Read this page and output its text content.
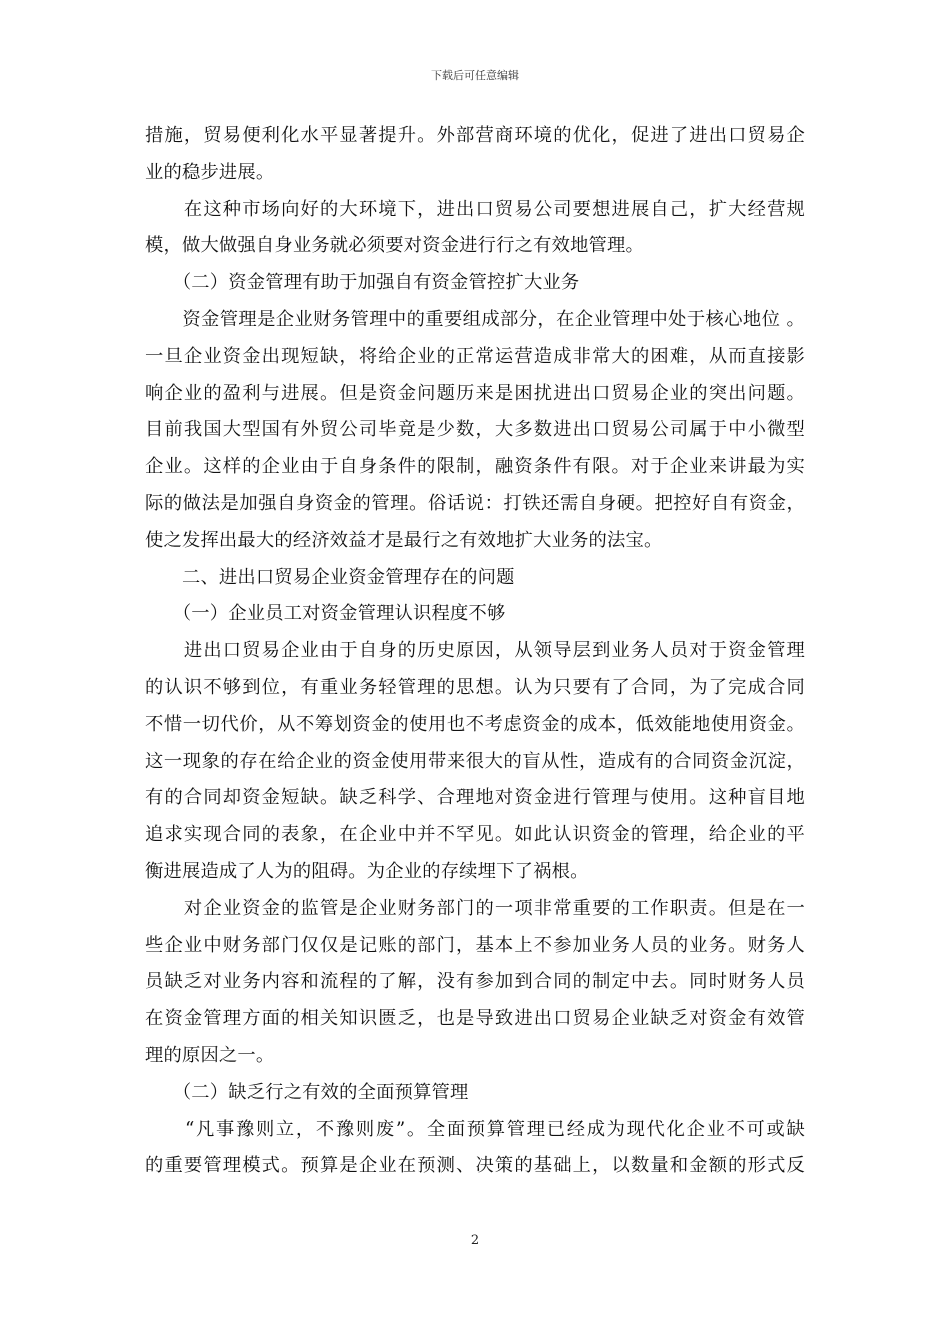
下载后可任意编辑
措施，贸易便利化水平显著提升。外部营商环境的优化，促进了进出口贸易企
业的稳步进展。
　　在这种市场向好的大环境下，进出口贸易公司要想进展自己，扩大经营规
模，做大做强自身业务就必须要对资金进行行之有效地管理。
　　（二）资金管理有助于加强自有资金管控扩大业务
　　资金管理是企业财务管理中的重要组成部分，在企业管理中处于核心地位 。
一旦企业资金出现短缺，将给企业的正常运营造成非常大的困难，从而直接影
响企业的盈利与进展。但是资金问题历来是困扰进出口贸易企业的突出问题。
目前我国大型国有外贸公司毕竟是少数，大多数进出口贸易公司属于中小微型
企业。这样的企业由于自身条件的限制，融资条件有限。对于企业来讲最为实
际的做法是加强自身资金的管理。俗话说：打铁还需自身硬。把控好自有资金，
使之发挥出最大的经济效益才是最行之有效地扩大业务的法宝。
　　二、进出口贸易企业资金管理存在的问题
　　（一）企业员工对资金管理认识程度不够
　　进出口贸易企业由于自身的历史原因，从领导层到业务人员对于资金管理
的认识不够到位，有重业务轻管理的思想。认为只要有了合同，为了完成合同
不惜一切代价，从不筹划资金的使用也不考虑资金的成本，低效能地使用资金。
这一现象的存在给企业的资金使用带来很大的盲从性，造成有的合同资金沉淀，
有的合同却资金短缺。缺乏科学、合理地对资金进行管理与使用。这种盲目地
追求实现合同的表象，在企业中并不罕见。如此认识资金的管理，给企业的平
衡进展造成了人为的阻碍。为企业的存续埋下了祸根。
　　对企业资金的监管是企业财务部门的一项非常重要的工作职责。但是在一
些企业中财务部门仅仅是记账的部门，基本上不参加业务人员的业务。财务人
员缺乏对业务内容和流程的了解，没有参加到合同的制定中去。同时财务人员
在资金管理方面的相关知识匮乏，也是导致进出口贸易企业缺乏对资金有效管
理的原因之一。
　　（二）缺乏行之有效的全面预算管理
　　“凡事豫则立，不豫则废”。全面预算管理已经成为现代化企业不可或缺
的重要管理模式。预算是企业在预测、决策的基础上，以数量和金额的形式反
2
